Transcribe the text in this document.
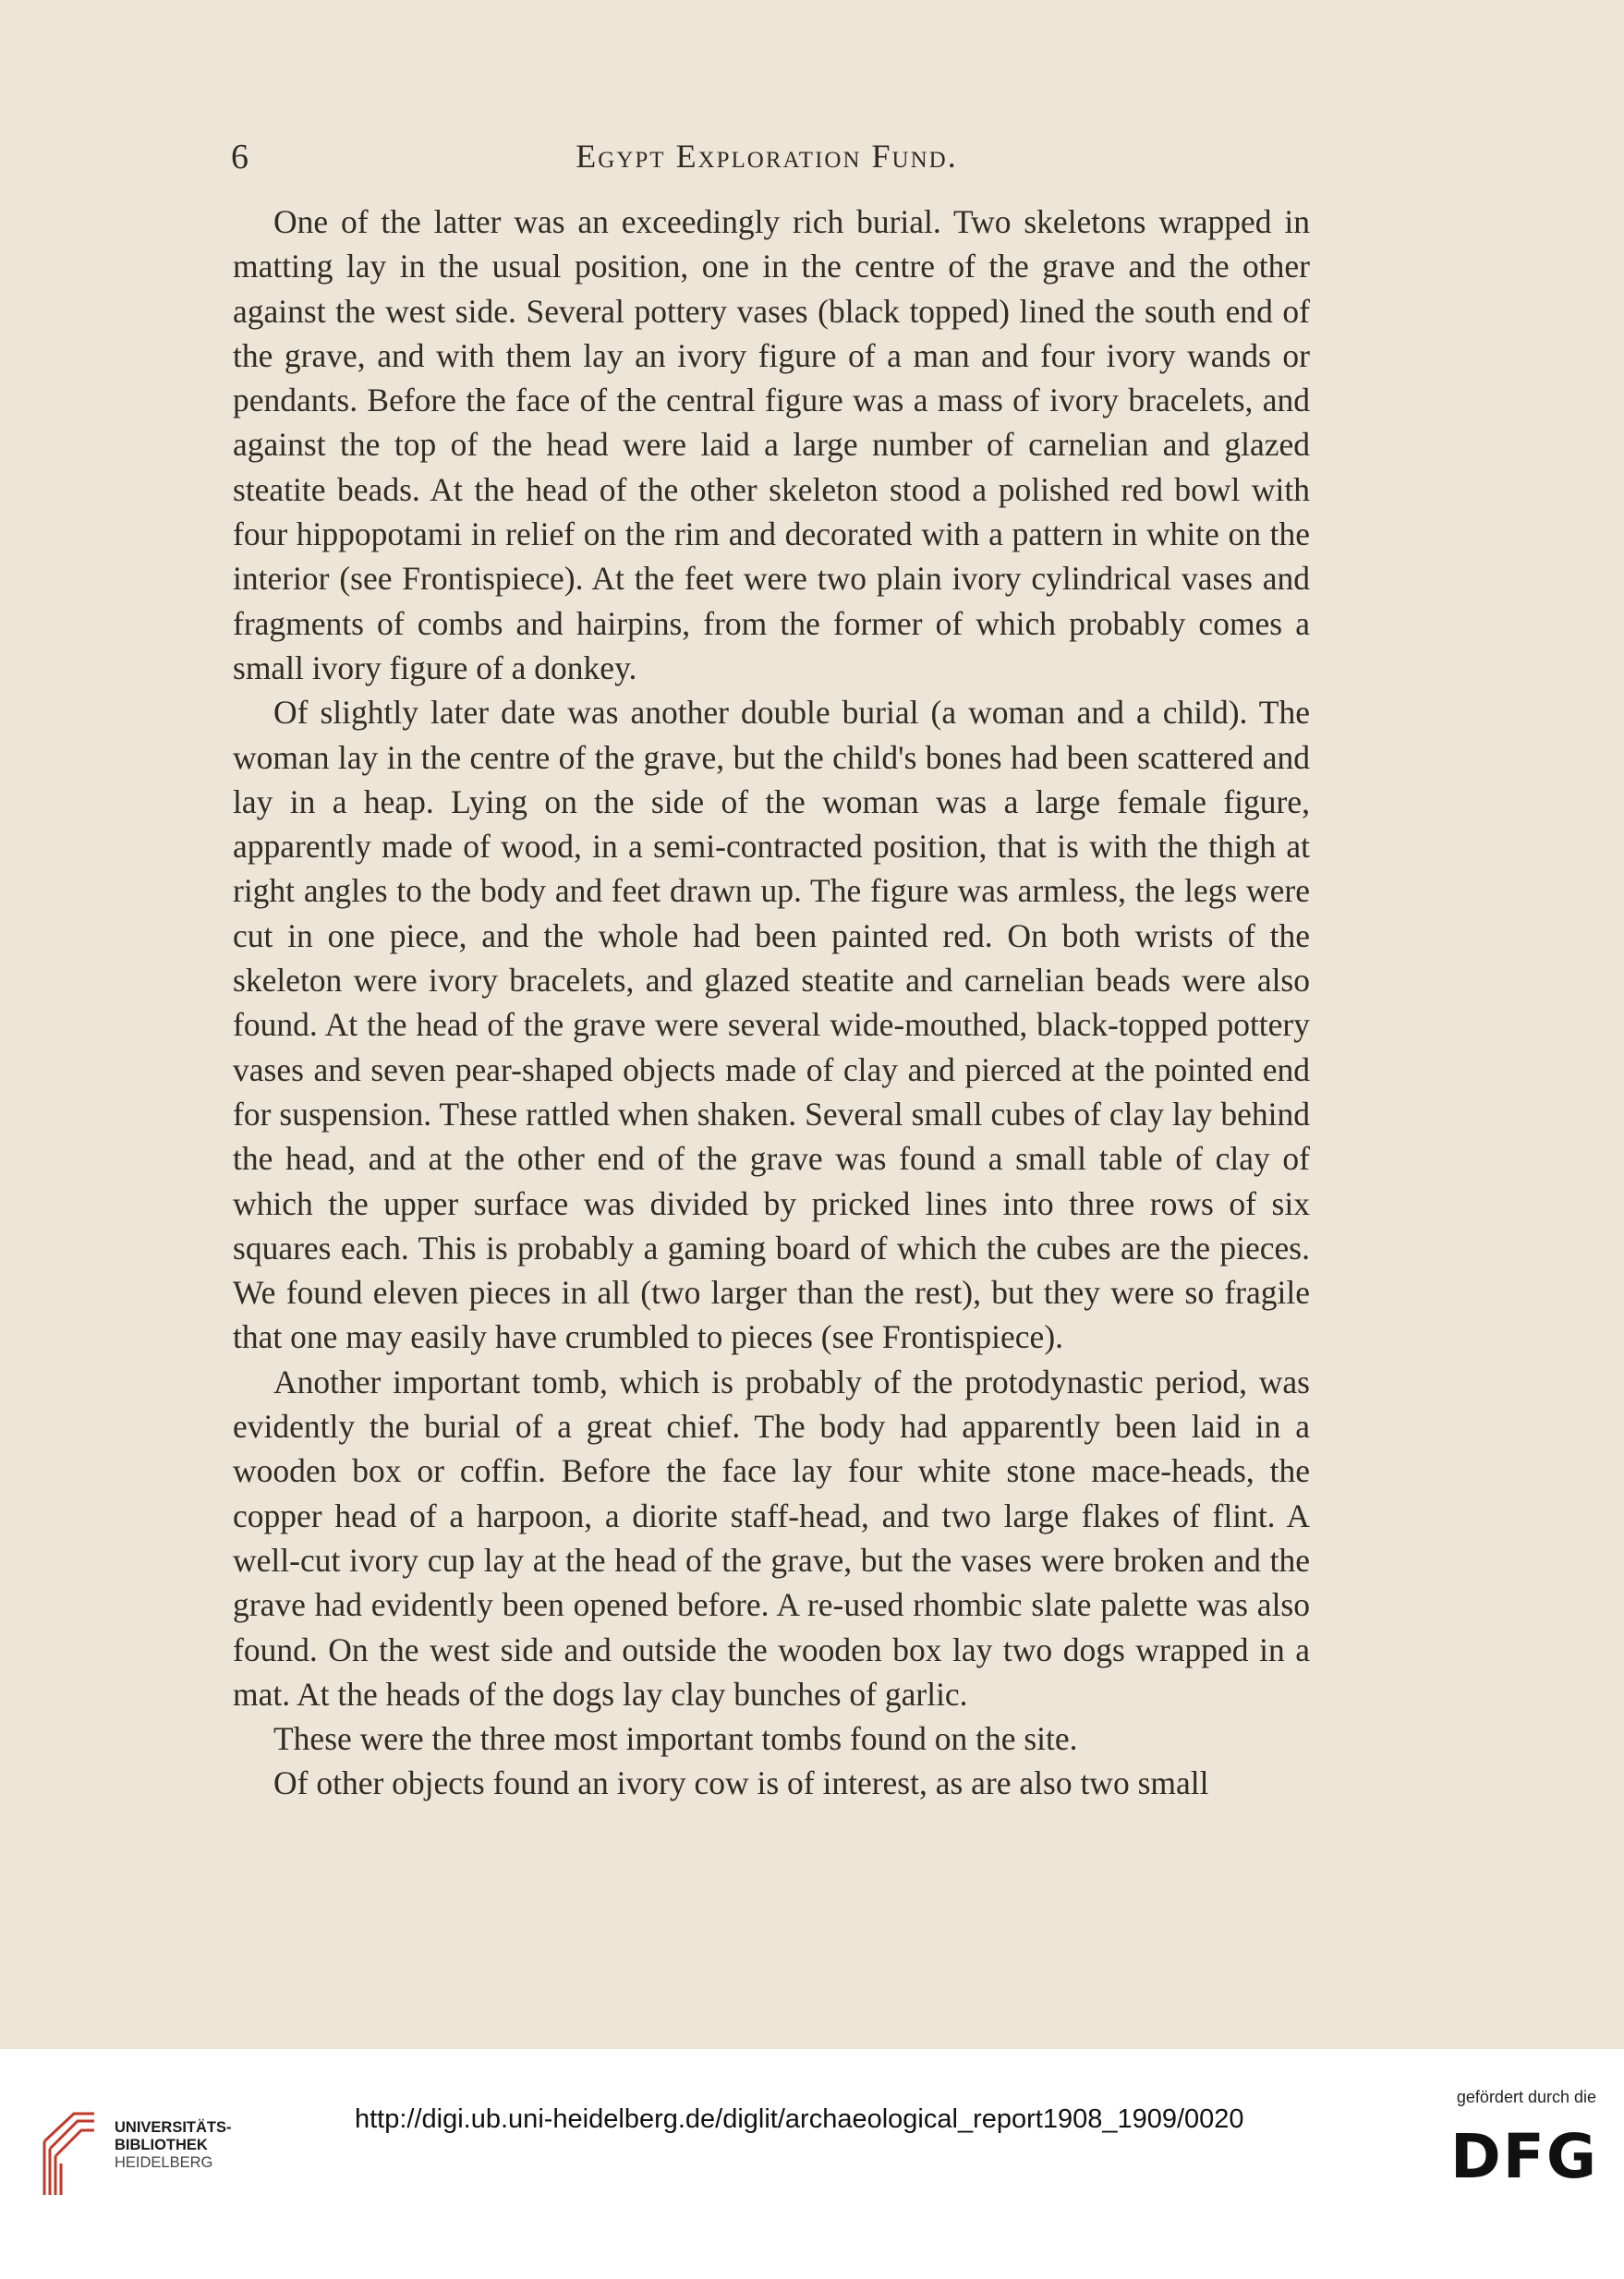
6	Egypt Exploration Fund.

One of the latter was an exceedingly rich burial. Two skeletons wrapped in matting lay in the usual position, one in the centre of the grave and the other against the west side. Several pottery vases (black topped) lined the south end of the grave, and with them lay an ivory figure of a man and four ivory wands or pendants. Before the face of the central figure was a mass of ivory bracelets, and against the top of the head were laid a large number of carnelian and glazed steatite beads. At the head of the other skeleton stood a polished red bowl with four hippopotami in relief on the rim and decorated with a pattern in white on the interior (see Frontispiece). At the feet were two plain ivory cylindrical vases and fragments of combs and hairpins, from the former of which probably comes a small ivory figure of a donkey.

Of slightly later date was another double burial (a woman and a child). The woman lay in the centre of the grave, but the child's bones had been scattered and lay in a heap. Lying on the side of the woman was a large female figure, apparently made of wood, in a semi-contracted position, that is with the thigh at right angles to the body and feet drawn up. The figure was armless, the legs were cut in one piece, and the whole had been painted red. On both wrists of the skeleton were ivory bracelets, and glazed steatite and carnelian beads were also found. At the head of the grave were several wide-mouthed, black-topped pottery vases and seven pear-shaped objects made of clay and pierced at the pointed end for suspension. These rattled when shaken. Several small cubes of clay lay behind the head, and at the other end of the grave was found a small table of clay of which the upper surface was divided by pricked lines into three rows of six squares each. This is probably a gaming board of which the cubes are the pieces. We found eleven pieces in all (two larger than the rest), but they were so fragile that one may easily have crumbled to pieces (see Frontispiece).

Another important tomb, which is probably of the protodynastic period, was evidently the burial of a great chief. The body had apparently been laid in a wooden box or coffin. Before the face lay four white stone mace-heads, the copper head of a harpoon, a diorite staff-head, and two large flakes of flint. A well-cut ivory cup lay at the head of the grave, but the vases were broken and the grave had evidently been opened before. A re-used rhombic slate palette was also found. On the west side and outside the wooden box lay two dogs wrapped in a mat. At the heads of the dogs lay clay bunches of garlic.

These were the three most important tombs found on the site.

Of other objects found an ivory cow is of interest, as are also two small

UNIVERSITÄTS-
BIBLIOTHEK
HEIDELBERG
http://digi.ub.uni-heidelberg.de/diglit/archaeological_report1908_1909/0020
gefördert durch die
DFG
